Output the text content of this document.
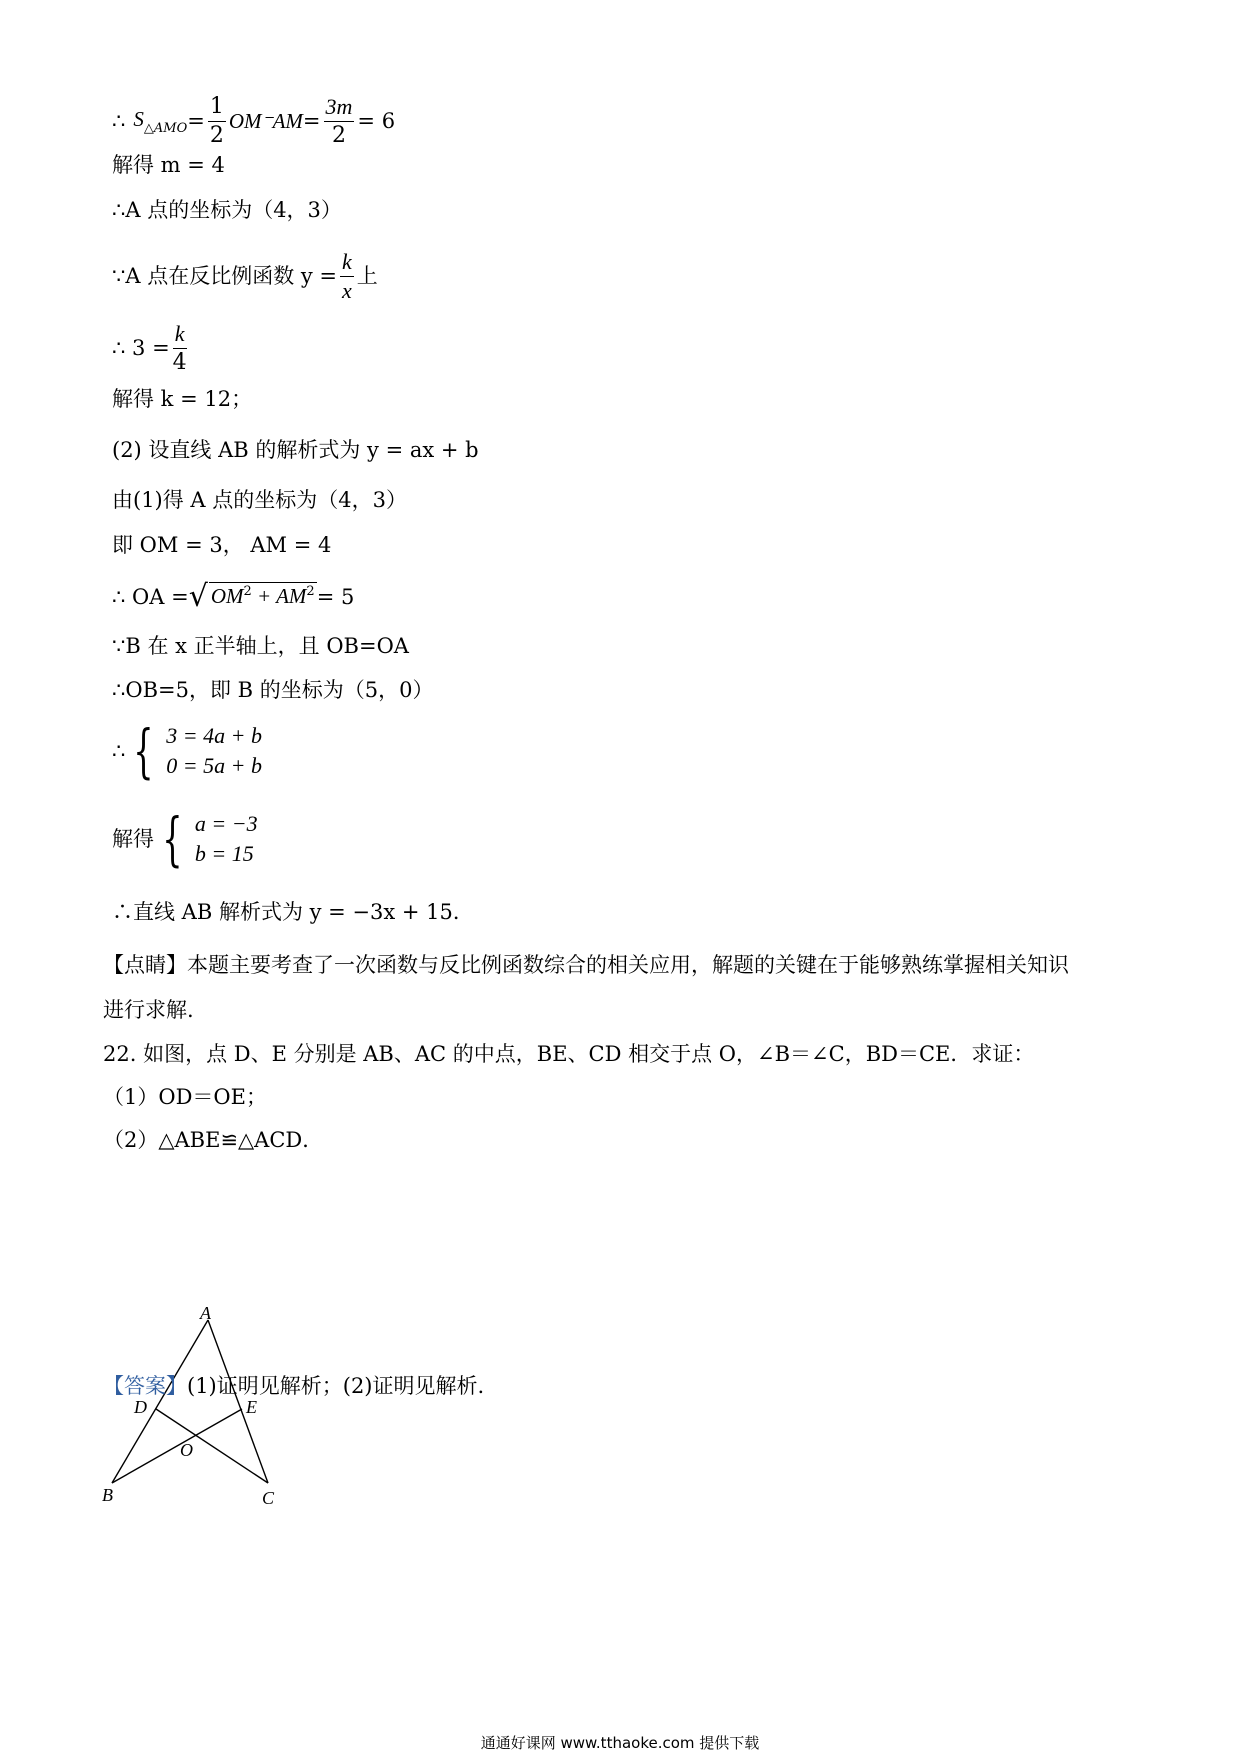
∴ $S_{\triangle AMO} = \frac{1}{2} OM^-AM = \frac{3m}{2} = 6$
解得 m = 4
∴A 点的坐标为（4，3）
∵A 点在反比例函数 $y = \frac{k}{x}$ 上
∴ $3 = \frac{k}{4}$
解得 k = 12；
(2) 设直线 AB 的解析式为 y = ax + b
由(1)得 A 点的坐标为（4，3）
即 OM = 3， AM = 4
∴ OA = √ $OM^2 + AM^2 = 5$
∵B 在 x 正半轴上，且 OB=OA
∴OB=5，即 B 的坐标为（5，0）
∴ { 3 = 4a + b
0 = 5a + b
解得 { a = −3
b = 15
∴直线 AB 解析式为 y = −3x + 15．
【点睛】本题主要考查了一次函数与反比例函数综合的相关应用，解题的关键在于能够熟练掌握相关知识
进行求解.
22. 如图，点 D、E 分别是 AB、AC 的中点，BE、CD 相交于点 O，∠B＝∠C，BD＝CE．求证：
（1）OD＝OE；
（2）△ABE≌△ACD．
A
D	E
O
B	C
【答案】(1)证明见解析；(2)证明见解析.
通通好课网 www.tthaoke.com 提供下载
